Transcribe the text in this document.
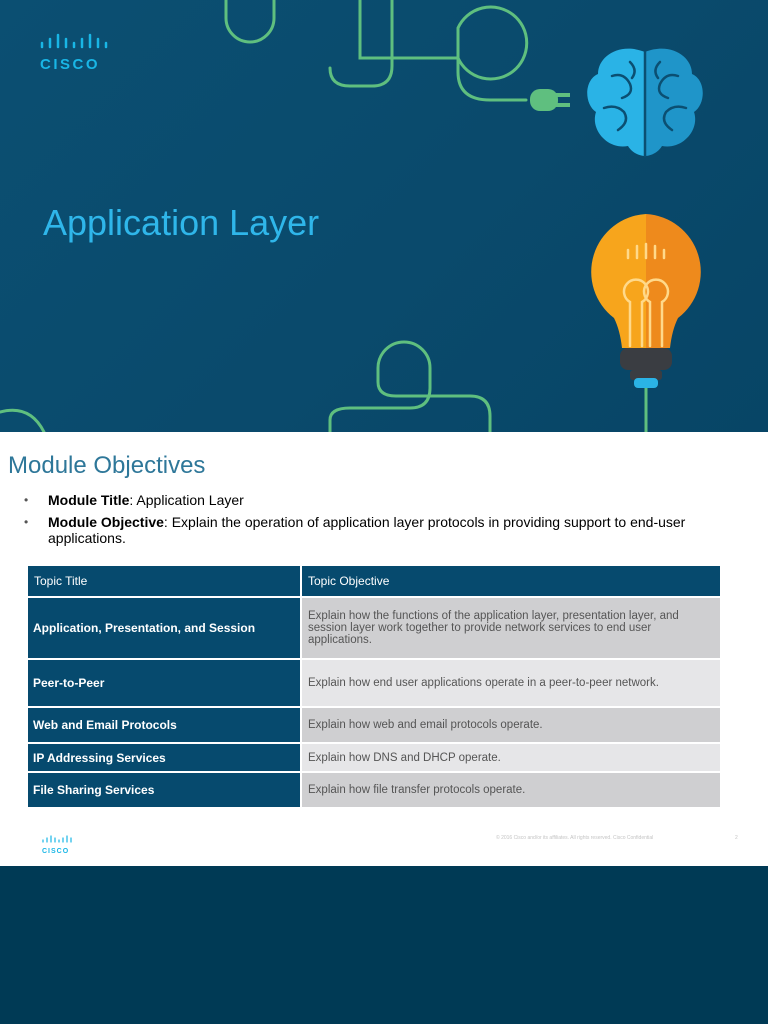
CISCO
Application Layer
Module Objectives
• Module Title: Application Layer
• Module Objective: Explain the operation of application layer protocols in providing support to end-user applications.
Topic Title	Topic Objective
Application, Presentation, and Session	Explain how the functions of the application layer, presentation layer, and session layer work together to provide network services to end user applications.
Peer-to-Peer	Explain how end user applications operate in a peer-to-peer network.
Web and Email Protocols	Explain how web and email protocols operate.
IP Addressing Services	Explain how DNS and DHCP operate.
File Sharing Services	Explain how file transfer protocols operate.
CISCO
© 2016 Cisco and/or its affiliates. All rights reserved. Cisco Confidential	2
